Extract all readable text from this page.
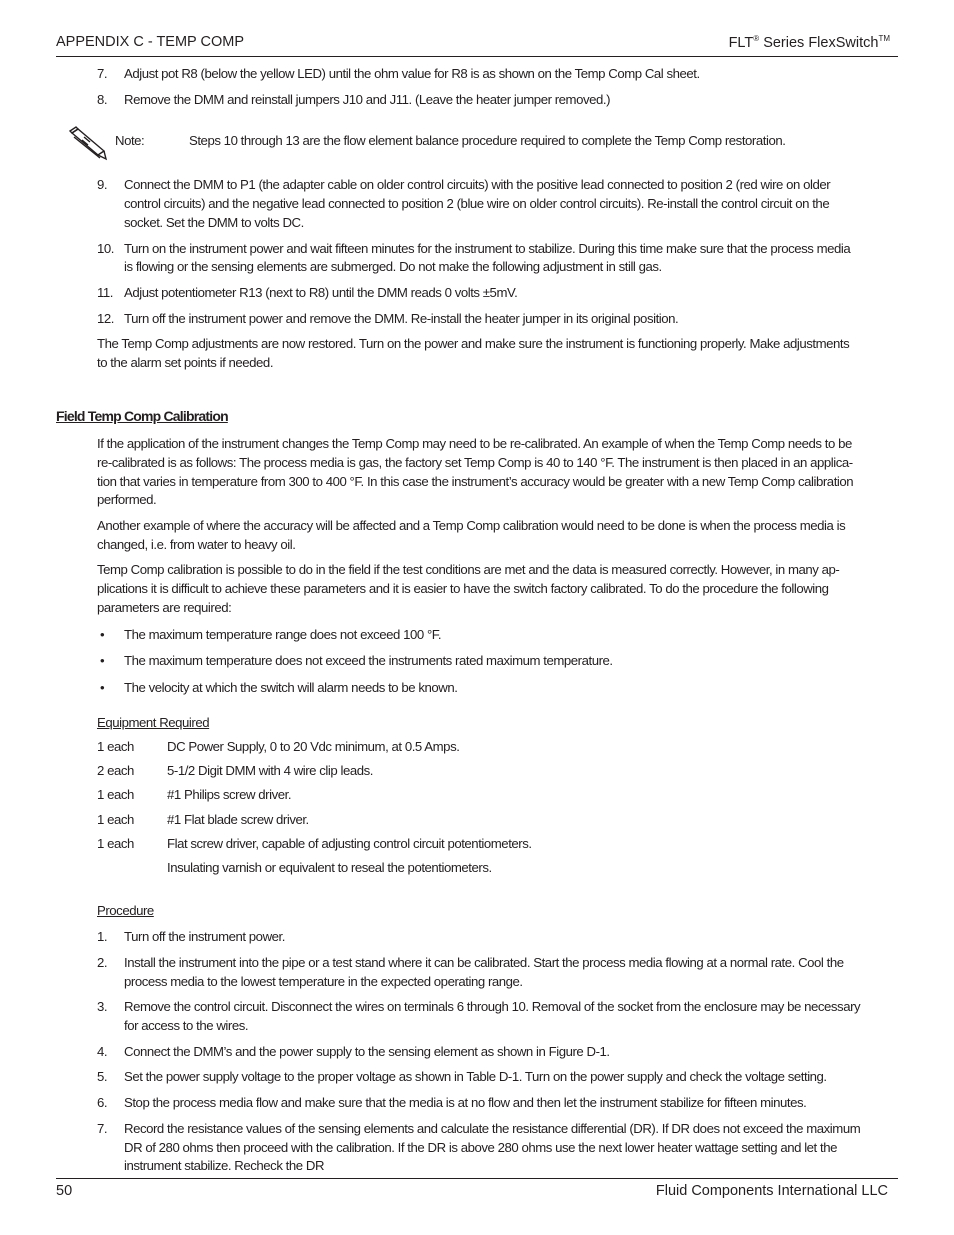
APPENDIX C - TEMP COMP	FLT® Series FlexSwitch™
7.	Adjust pot R8 (below the yellow LED) until the ohm value for R8 is as shown on the Temp Comp Cal sheet.
8. Remove the DMM and reinstall jumpers J10 and J11. (Leave the heater jumper removed.)
Note:	Steps 10 through 13 are the flow element balance procedure required to complete the Temp Comp restoration.
9. Connect the DMM to P1 (the adapter cable on older control circuits) with the positive lead connected to position 2 (red wire on older
control circuits) and the negative lead connected to position 2 (blue wire on older control circuits). Re-install the control circuit on the
socket. Set the DMM to volts DC.
10. Turn on the instrument power and wait fifteen minutes for the instrument to stabilize. During this time make sure that the process media
is flowing or the sensing elements are submerged. Do not make the following adjustment in still gas.
11. Adjust potentiometer R13 (next to R8) until the DMM reads 0 volts ±5mV.
12. Turn off the instrument power and remove the DMM. Re-install the heater jumper in its original position.
The Temp Comp adjustments are now restored. Turn on the power and make sure the instrument is functioning properly. Make adjustments
to the alarm set points if needed.
Field Temp Comp Calibration
If the application of the instrument changes the Temp Comp may need to be re-calibrated. An example of when the Temp Comp needs to be
re-calibrated is as follows: The process media is gas, the factory set Temp Comp is 40 to 140 °F. The instrument is then placed in an applica-
tion that varies in temperature from 300 to 400 °F. In this case the instrument’s accuracy would be greater with a new Temp Comp calibration
performed.
Another example of where the accuracy will be affected and a Temp Comp calibration would need to be done is when the process media is
changed, i.e. from water to heavy oil.
Temp Comp calibration is possible to do in the field if the test conditions are met and the data is measured correctly. However, in many ap-
plications it is difficult to achieve these parameters and it is easier to have the switch factory calibrated. To do the procedure the following
parameters are required:
• The maximum temperature range does not exceed 100 °F.
• The maximum temperature does not exceed the instruments rated maximum temperature.
• The velocity at which the switch will alarm needs to be known.
Equipment Required
1 each	DC Power Supply, 0 to 20 Vdc minimum, at 0.5 Amps.
2 each	5-1/2 Digit DMM with 4 wire clip leads.
1 each	#1 Philips screw driver.
1 each	#1 Flat blade screw driver.
1 each	Flat screw driver, capable of adjusting control circuit potentiometers.
Insulating varnish or equivalent to reseal the potentiometers.
Procedure
1. Turn off the instrument power.
2. Install the instrument into the pipe or a test stand where it can be calibrated. Start the process media flowing at a normal rate. Cool the
process media to the lowest temperature in the expected operating range.
3. Remove the control circuit. Disconnect the wires on terminals 6 through 10. Removal of the socket from the enclosure may be necessary
for access to the wires.
4. Connect the DMM’s and the power supply to the sensing element as shown in Figure D-1.
5. Set the power supply voltage to the proper voltage as shown in Table D-1. Turn on the power supply and check the voltage setting.
6. Stop the process media flow and make sure that the media is at no flow and then let the instrument stabilize for fifteen minutes.
7. Record the resistance values of the sensing elements and calculate the resistance differential (DR). If DR does not exceed the maximum
DR of 280 ohms then proceed with the calibration. If the DR is above 280 ohms use the next lower heater wattage setting and let the
instrument stabilize. Recheck the DR
50	Fluid Components International LLC
